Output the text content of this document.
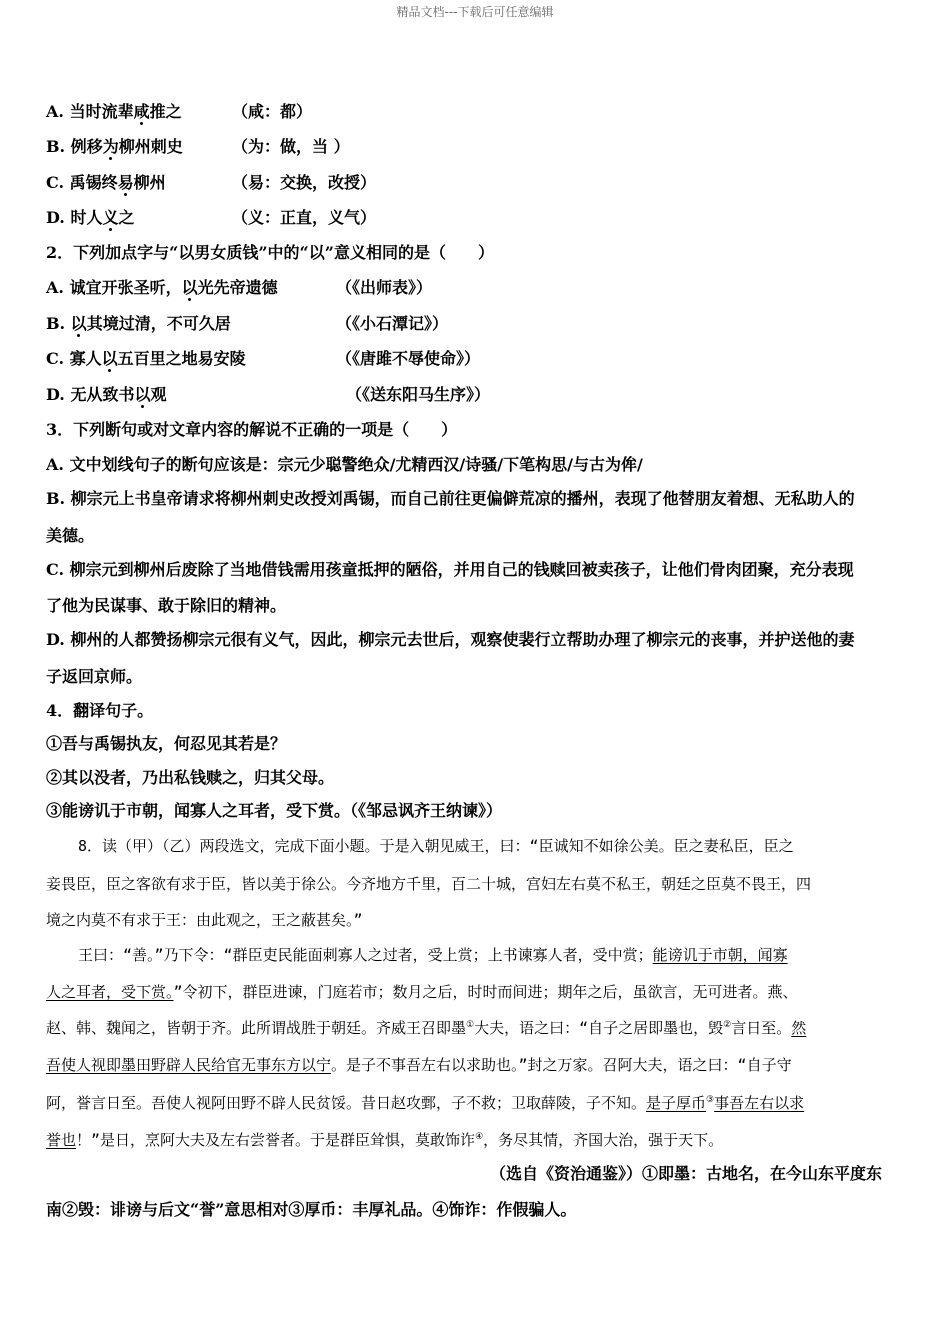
精品文档---下载后可任意编辑
A. 当时流辈咸推之	（咸：都）
B. 例移为柳州刺史	（为：做，当 ）
C. 禹锡终易柳州	（易：交换，改授）
D. 时人义之	（义：正直，义气）
2．下列加点字与“以男女质钱”中的“以”意义相同的是（　　）
A. 诚宜开张圣听，以光先帝遗德	（《出师表》）
B. 以其境过清，不可久居	（《小石潭记》）
C. 寡人以五百里之地易安陵	（《唐雎不辱使命》）
D. 无从致书以观	（《送东阳马生序》）
3．下列断句或对文章内容的解说不正确的一项是（　　）
A. 文中划线句子的断句应该是：宗元少聪警绝众/尤精西汉/诗骚/下笔构思/与古为侔/
B. 柳宗元上书皇帝请求将柳州刺史改授刘禹锡，而自己前往更偏僻荒凉的播州，表现了他替朋友着想、无私助人的
美德。
C. 柳宗元到柳州后废除了当地借钱需用孩童抵押的陋俗，并用自己的钱赎回被卖孩子，让他们骨肉团聚，充分表现
了他为民谋事、敢于除旧的精神。
D. 柳州的人都赞扬柳宗元很有义气，因此，柳宗元去世后，观察使裴行立帮助办理了柳宗元的丧事，并护送他的妻
子返回京师。
4．翻译句子。
①吾与禹锡执友，何忍见其若是？
②其以没者，乃出私钱赎之，归其父母。
③能谤讥于市朝，闻寡人之耳者，受下赏。（《邹忌讽齐王纳谏》）
8．读（甲）（乙）两段选文，完成下面小题。于是入朝见威王，曰：“臣诚知不如徐公美。臣之妻私臣，臣之
妾畏臣，臣之客欲有求于臣，皆以美于徐公。今齐地方千里，百二十城，宫妇左右莫不私王，朝廷之臣莫不畏王，四
境之内莫不有求于王：由此观之，王之蔽甚矣。”
王曰：“善。”乃下令：“群臣吏民能面刺寡人之过者，受上赏；上书谏寡人者，受中赏；能谤讥于市朝，闻寡
人之耳者，受下赏。”令初下，群臣进谏，门庭若市；数月之后，时时而间进；期年之后，虽欲言，无可进者。燕、
赵、韩、魏闻之，皆朝于齐。此所谓战胜于朝廷。齐威王召即墨①大夫，语之曰：“自子之居即墨也，毁②言日至。然
吾使人视即墨田野辟人民给官无事东方以宁。是子不事吾左右以求助也。”封之万家。召阿大夫，语之曰：“自子守
阿，誉言日至。吾使人视阿田野不辟人民贫馁。昔日赵攻鄄，子不救；卫取薛陵，子不知。是子厚币③事吾左右以求
誉也！”是日，烹阿大夫及左右尝誉者。于是群臣耸惧，莫敢饰诈④，务尽其情，齐国大治，强于天下。
（选自《资治通鉴》）①即墨：古地名，在今山东平度东
南②毁：诽谤与后文“誉”意思相对③厚币：丰厚礼品。④饰诈：作假骗人。
